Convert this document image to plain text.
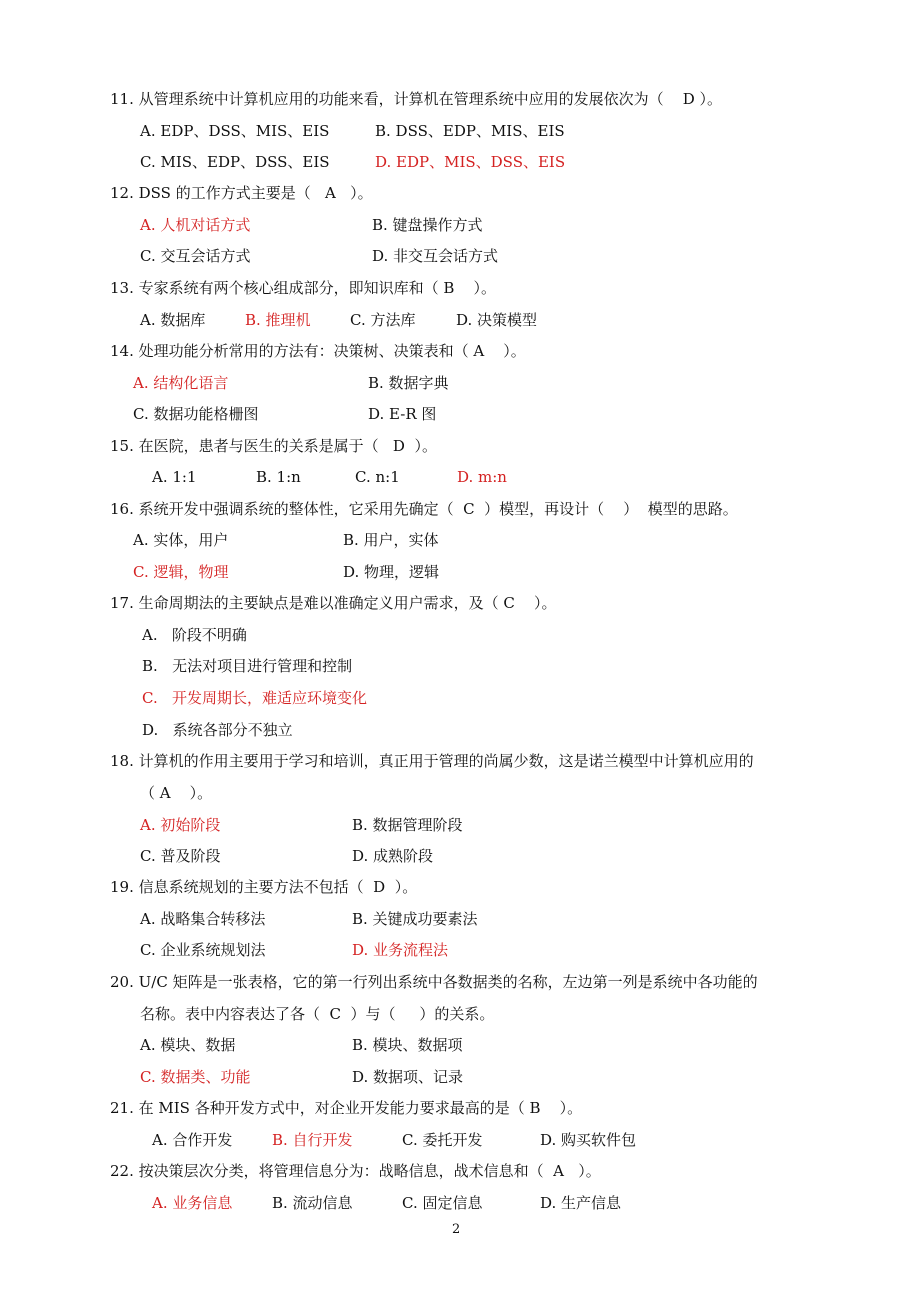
2
11. 从管理系统中计算机应用的功能来看，计算机在管理系统中应用的发展依次为（    D ）。
A. EDP、DSS、MIS、EIS	B. DSS、EDP、MIS、EIS
C. MIS、EDP、DSS、EIS	D. EDP、MIS、DSS、EIS
12. DSS 的工作方式主要是（   A   ）。
A. 人机对话方式	B. 键盘操作方式
C. 交互会话方式	D. 非交互会话方式
13. 专家系统有两个核心组成部分，即知识库和（ B    ）。
A. 数据库	B. 推理机	C. 方法库	D. 决策模型
14. 处理功能分析常用的方法有：决策树、决策表和（ A    ）。
A. 结构化语言	B. 数据字典
C. 数据功能格栅图	D. E-R 图
15. 在医院，患者与医生的关系是属于（   D  ）。
A. 1:1	B. 1:n	C. n:1	D. m:n
16. 系统开发中强调系统的整体性，它采用先确定（  C  ）模型，再设计（    ）  模型的思路。
A. 实体，用户	B. 用户，实体
C. 逻辑，物理	D. 物理，逻辑
17. 生命周期法的主要缺点是难以准确定义用户需求，及（ C    ）。
A.   阶段不明确
B.   无法对项目进行管理和控制
C.   开发周期长，难适应环境变化
D.   系统各部分不独立
18. 计算机的作用主要用于学习和培训，真正用于管理的尚属少数，这是诺兰模型中计算机应用的
（ A    ）。
A. 初始阶段	B. 数据管理阶段
C. 普及阶段	D. 成熟阶段
19. 信息系统规划的主要方法不包括（  D  ）。
A. 战略集合转移法	B. 关键成功要素法
C. 企业系统规划法	D. 业务流程法
20. U/C 矩阵是一张表格，它的第一行列出系统中各数据类的名称，左边第一列是系统中各功能的
名称。表中内容表达了各（  C  ）与（     ）的关系。
A. 模块、数据	B. 模块、数据项
C. 数据类、功能	D. 数据项、记录
21. 在 MIS 各种开发方式中，对企业开发能力要求最高的是（ B    ）。
A. 合作开发	B. 自行开发	C. 委托开发	D. 购买软件包
22. 按决策层次分类，将管理信息分为：战略信息，战术信息和（  A   ）。
A. 业务信息	B. 流动信息	C. 固定信息	D. 生产信息
